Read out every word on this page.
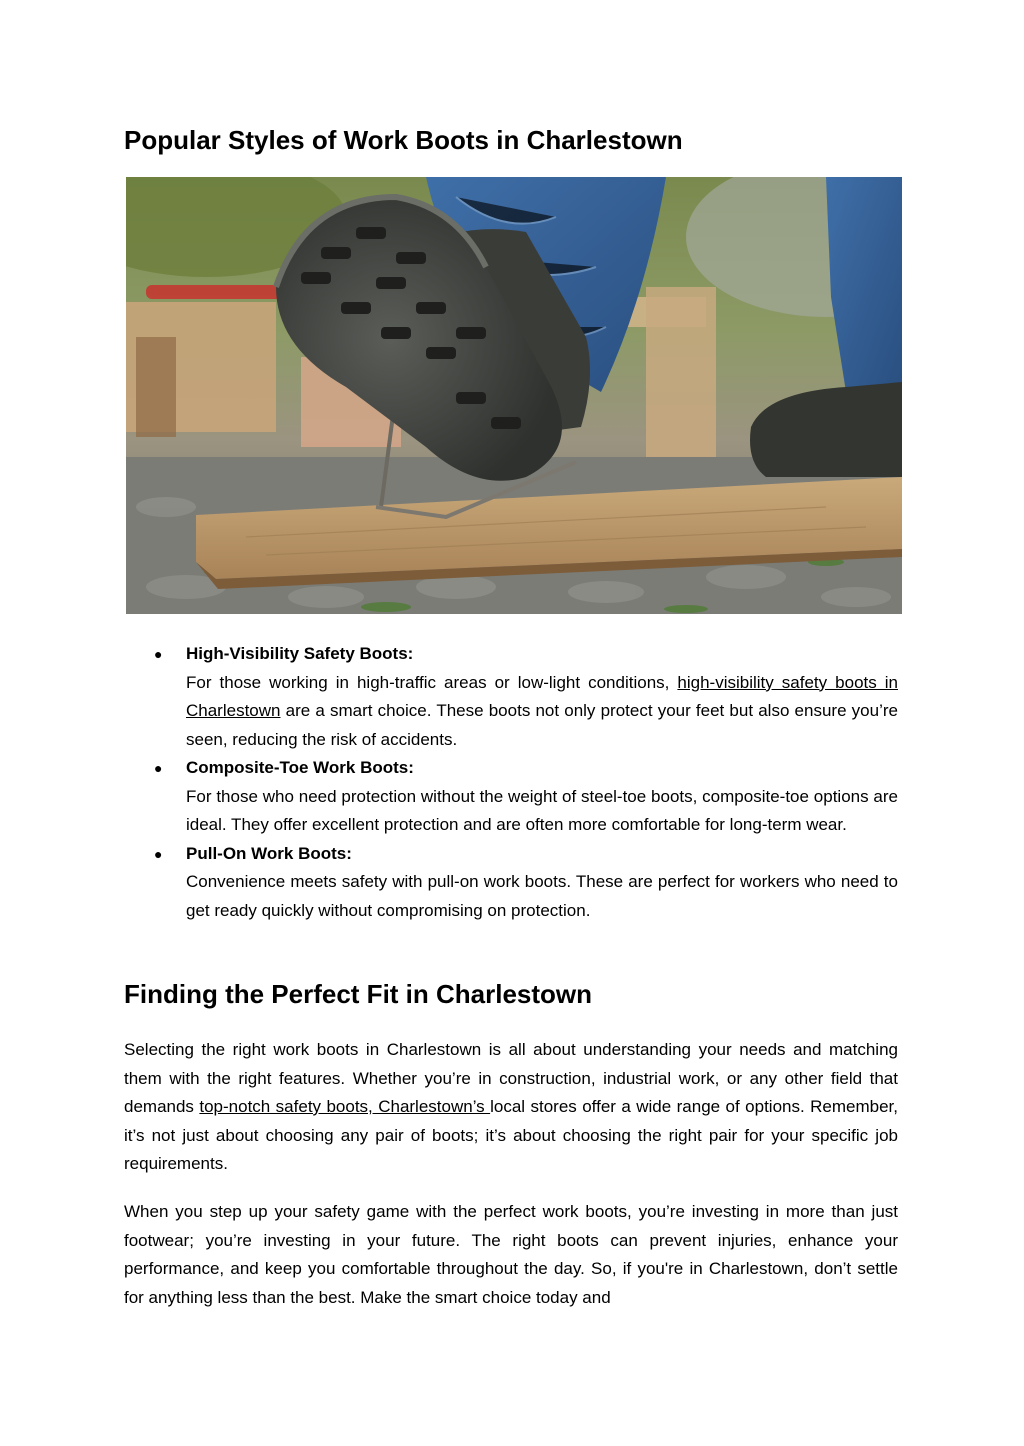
Popular Styles of Work Boots in Charlestown
● High-Visibility Safety Boots:
For those working in high-traffic areas or low-light conditions, high-visibility safety boots in Charlestown are a smart choice. These boots not only protect your feet but also ensure you’re seen, reducing the risk of accidents.
● Composite-Toe Work Boots:
For those who need protection without the weight of steel-toe boots, composite-toe options are ideal. They offer excellent protection and are often more comfortable for long-term wear.
● Pull-On Work Boots:
Convenience meets safety with pull-on work boots. These are perfect for workers who need to get ready quickly without compromising on protection.
Finding the Perfect Fit in Charlestown

Selecting the right work boots in Charlestown is all about understanding your needs and matching them with the right features. Whether you’re in construction, industrial work, or any other field that demands top-notch safety boots, Charlestown’s local stores offer a wide range of options. Remember, it’s not just about choosing any pair of boots; it’s about choosing the right pair for your specific job requirements.

When you step up your safety game with the perfect work boots, you’re investing in more than just footwear; you’re investing in your future. The right boots can prevent injuries, enhance your performance, and keep you comfortable throughout the day. So, if you're in Charlestown, don’t settle for anything less than the best. Make the smart choice today and
